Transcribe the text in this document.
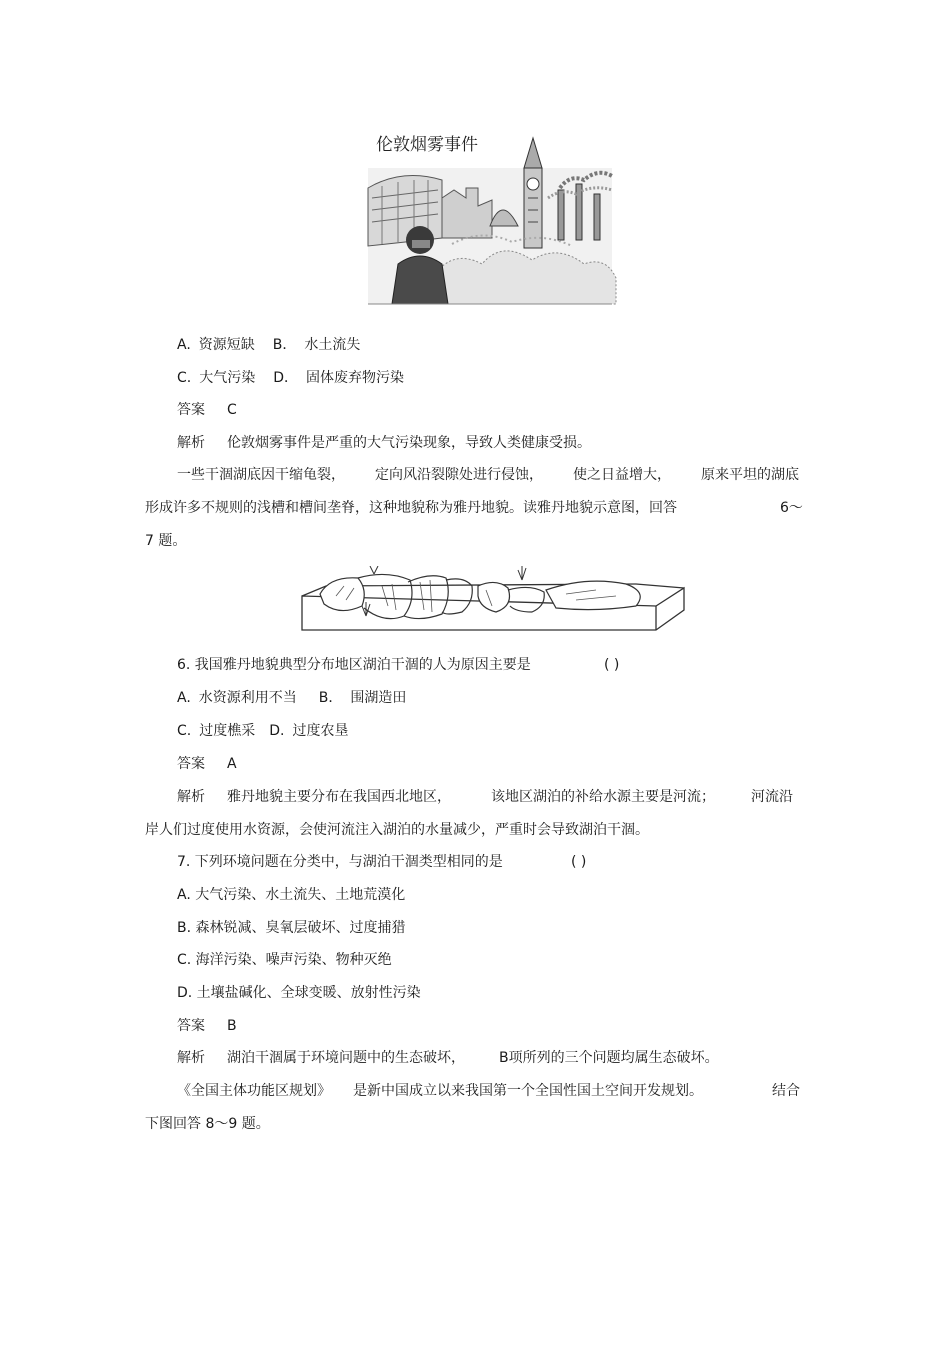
伦敦烟雾事件
A. 资源短缺 B． 水土流失
C. 大气污染 D． 固体废弃物污染
答案 C
解析 伦敦烟雾事件是严重的大气污染现象，导致人类健康受损。
一些干涸湖底因干缩龟裂， 定向风沿裂隙处进行侵蚀， 使之日益增大， 原来平坦的湖底
形成许多不规则的浅槽和槽间垄脊，这种地貌称为雅丹地貌。读雅丹地貌示意图，回答	6～
7 题。
6. 我国雅丹地貌典型分布地区湖泊干涸的人为原因主要是	( )
A. 水资源利用不当 B． 围湖造田
C. 过度樵采 D. 过度农垦
答案 A
解析 雅丹地貌主要分布在我国西北地区，	该地区湖泊的补给水源主要是河流；	河流沿
岸人们过度使用水资源，会使河流注入湖泊的水量减少，严重时会导致湖泊干涸。
7. 下列环境问题在分类中，与湖泊干涸类型相同的是	( )
A. 大气污染、水土流失、土地荒漠化
B. 森林锐减、臭氧层破坏、过度捕猎
C. 海洋污染、噪声污染、物种灭绝
D. 土壤盐碱化、全球变暖、放射性污染
答案 B
解析 湖泊干涸属于环境问题中的生态破坏， B项所列的三个问题均属生态破坏。
《全国主体功能区规划》 是新中国成立以来我国第一个全国性国土空间开发规划。	结合
下图回答 8～9 题。
